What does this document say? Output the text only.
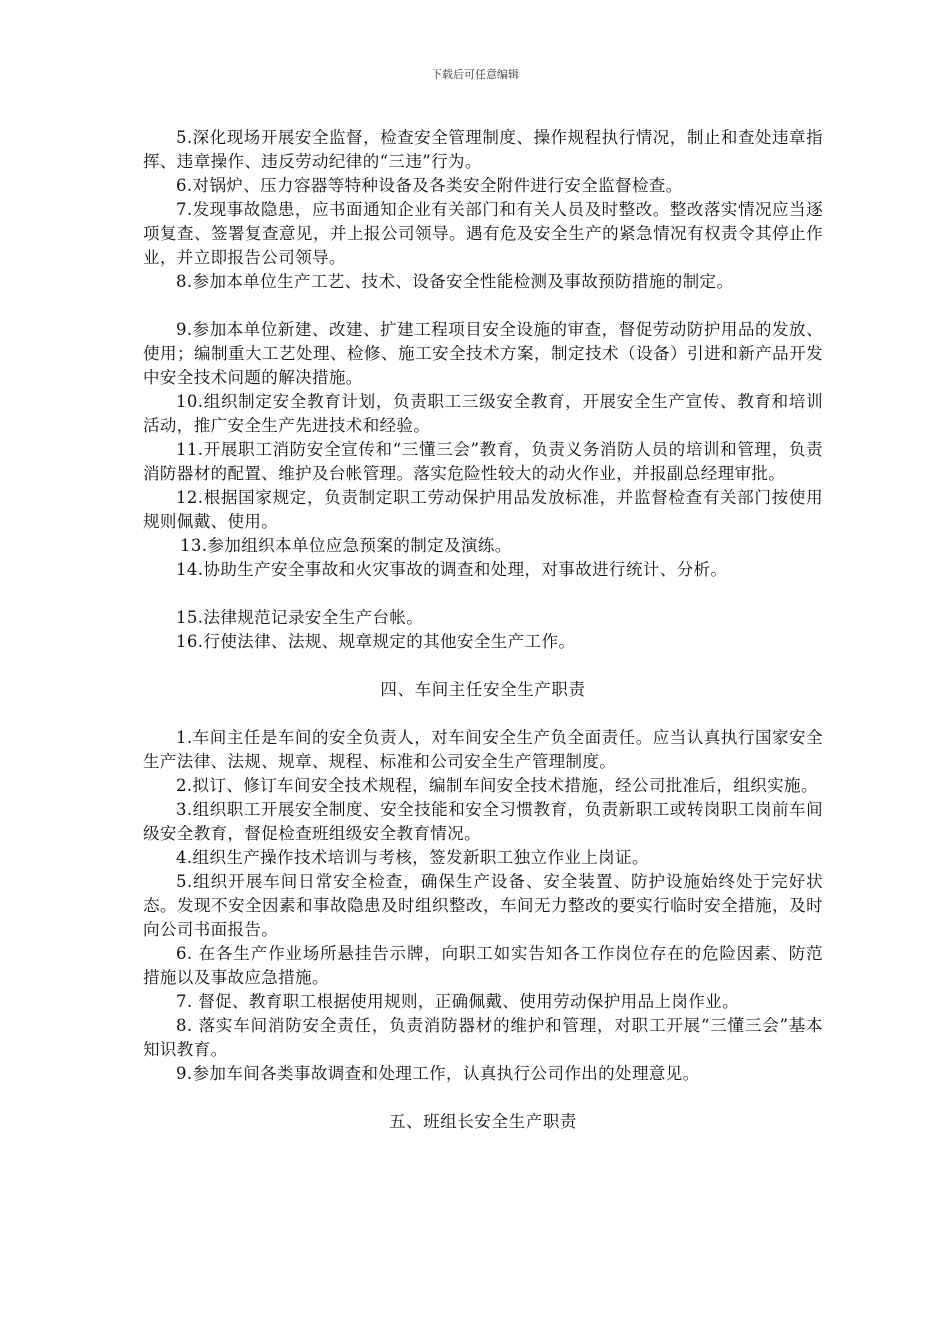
下载后可任意编辑

5.深化现场开展安全监督，检查安全管理制度、操作规程执行情况，制止和查处违章指挥、违章操作、违反劳动纪律的“三违”行为。

6.对锅炉、压力容器等特种设备及各类安全附件进行安全监督检查。

7.发现事故隐患，应书面通知企业有关部门和有关人员及时整改。整改落实情况应当逐项复查、签署复查意见，并上报公司领导。遇有危及安全生产的紧急情况有权责令其停止作业，并立即报告公司领导。

8.参加本单位生产工艺、技术、设备安全性能检测及事故预防措施的制定。

9.参加本单位新建、改建、扩建工程项目安全设施的审查，督促劳动防护用品的发放、使用；编制重大工艺处理、检修、施工安全技术方案，制定技术（设备）引进和新产品开发中安全技术问题的解决措施。

10.组织制定安全教育计划，负责职工三级安全教育，开展安全生产宣传、教育和培训活动，推广安全生产先进技术和经验。

11.开展职工消防安全宣传和“三懂三会”教育，负责义务消防人员的培训和管理，负责消防器材的配置、维护及台帐管理。落实危险性较大的动火作业，并报副总经理审批。

12.根据国家规定，负责制定职工劳动保护用品发放标准，并监督检查有关部门按使用规则佩戴、使用。

13.参加组织本单位应急预案的制定及演练。

14.协助生产安全事故和火灾事故的调查和处理，对事故进行统计、分析。

15.法律规范记录安全生产台帐。

16.行使法律、法规、规章规定的其他安全生产工作。

四、车间主任安全生产职责

1.车间主任是车间的安全负责人，对车间安全生产负全面责任。应当认真执行国家安全生产法律、法规、规章、规程、标准和公司安全生产管理制度。

2.拟订、修订车间安全技术规程，编制车间安全技术措施，经公司批准后，组织实施。

3.组织职工开展安全制度、安全技能和安全习惯教育，负责新职工或转岗职工岗前车间级安全教育，督促检查班组级安全教育情况。

4.组织生产操作技术培训与考核，签发新职工独立作业上岗证。

5.组织开展车间日常安全检查，确保生产设备、安全装置、防护设施始终处于完好状态。发现不安全因素和事故隐患及时组织整改，车间无力整改的要实行临时安全措施，及时向公司书面报告。

6. 在各生产作业场所悬挂告示牌，向职工如实告知各工作岗位存在的危险因素、防范措施以及事故应急措施。

7. 督促、教育职工根据使用规则，正确佩戴、使用劳动保护用品上岗作业。

8. 落实车间消防安全责任，负责消防器材的维护和管理，对职工开展“三懂三会”基本知识教育。

9.参加车间各类事故调查和处理工作，认真执行公司作出的处理意见。

五、班组长安全生产职责
